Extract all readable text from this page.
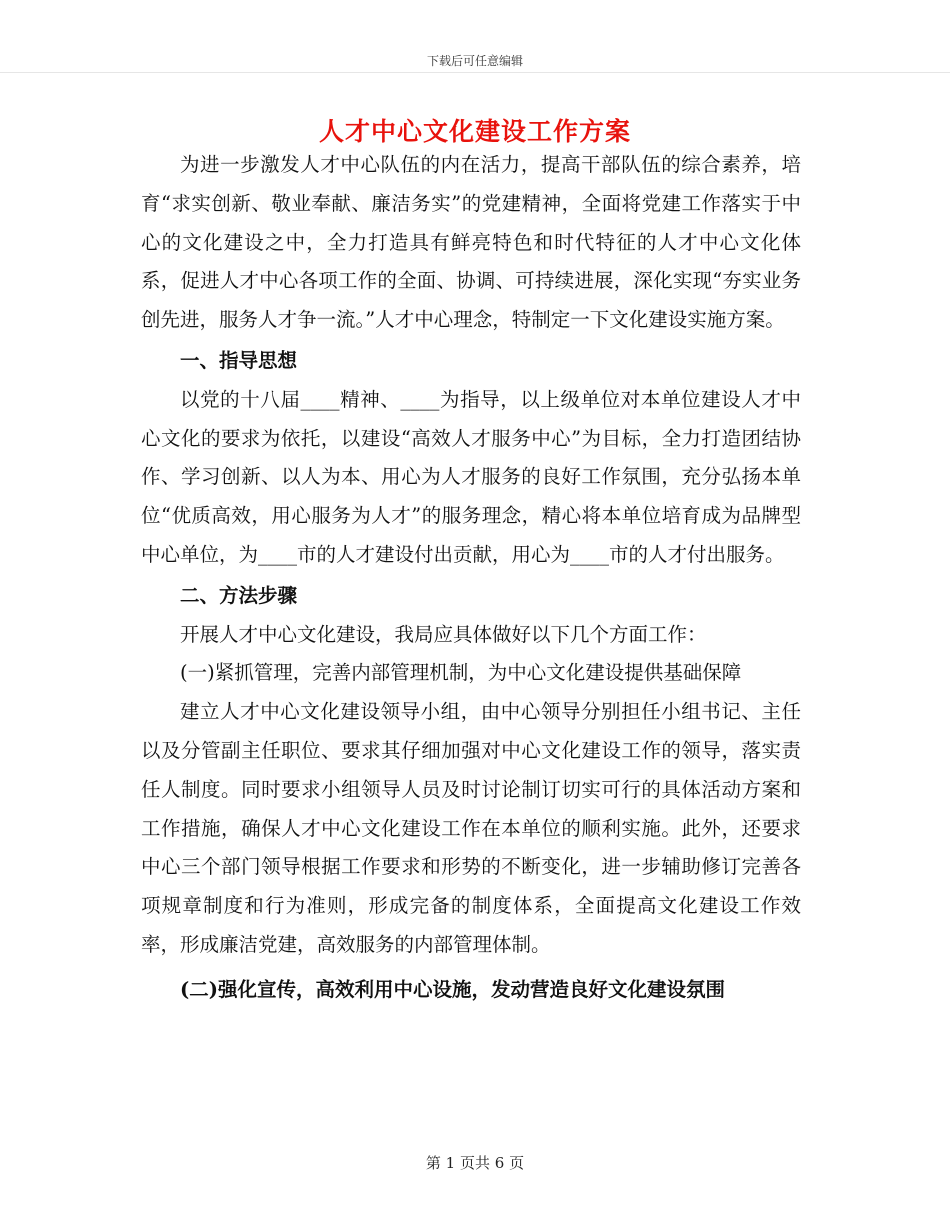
下载后可任意编辑
人才中心文化建设工作方案

为进一步激发人才中心队伍的内在活力，提高干部队伍的综合素养，培育“求实创新、敬业奉献、廉洁务实”的党建精神，全面将党建工作落实于中心的文化建设之中，全力打造具有鲜亮特色和时代特征的人才中心文化体系，促进人才中心各项工作的全面、协调、可持续进展，深化实现“夯实业务创先进，服务人才争一流。”人才中心理念，特制定一下文化建设实施方案。

一、指导思想

以党的十八届____精神、____为指导，以上级单位对本单位建设人才中心文化的要求为依托，以建设“高效人才服务中心”为目标，全力打造团结协作、学习创新、以人为本、用心为人才服务的良好工作氛围，充分弘扬本单位“优质高效，用心服务为人才”的服务理念，精心将本单位培育成为品牌型中心单位，为____市的人才建设付出贡献，用心为____市的人才付出服务。

二、方法步骤

开展人才中心文化建设，我局应具体做好以下几个方面工作：

(一)紧抓管理，完善内部管理机制，为中心文化建设提供基础保障

建立人才中心文化建设领导小组，由中心领导分别担任小组书记、主任以及分管副主任职位、要求其仔细加强对中心文化建设工作的领导，落实责任人制度。同时要求小组领导人员及时讨论制订切实可行的具体活动方案和工作措施，确保人才中心文化建设工作在本单位的顺利实施。此外，还要求中心三个部门领导根据工作要求和形势的不断变化，进一步辅助修订完善各项规章制度和行为准则，形成完备的制度体系，全面提高文化建设工作效率，形成廉洁党建，高效服务的内部管理体制。

(二)强化宣传，高效利用中心设施，发动营造良好文化建设氛围

第 1 页共 6 页
